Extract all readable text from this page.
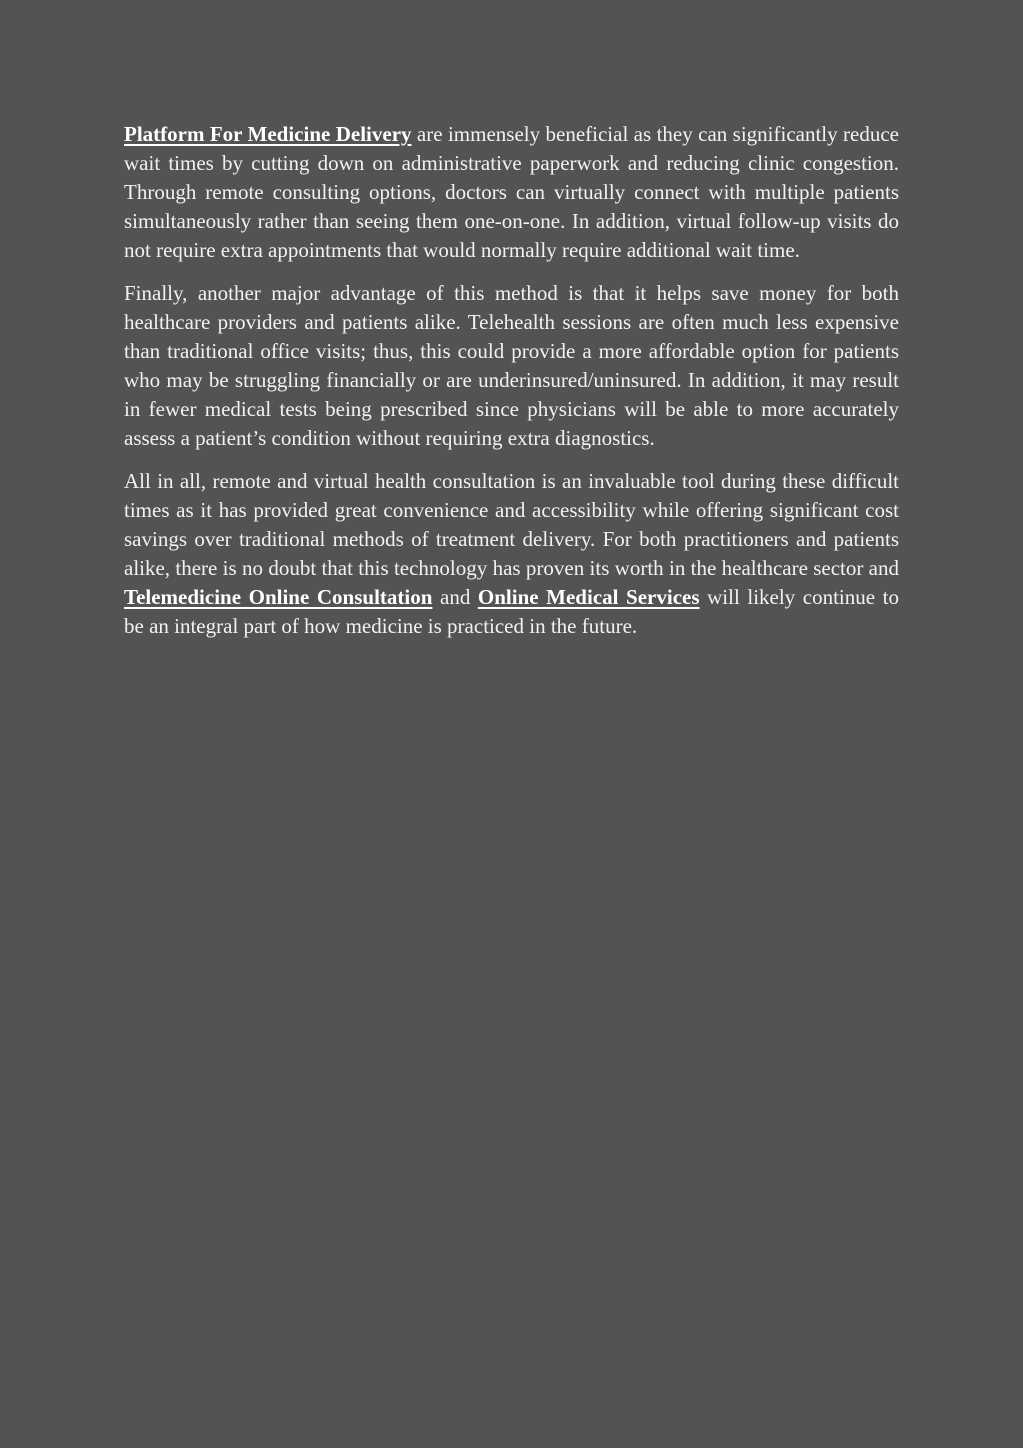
Platform For Medicine Delivery are immensely beneficial as they can significantly reduce wait times by cutting down on administrative paperwork and reducing clinic congestion. Through remote consulting options, doctors can virtually connect with multiple patients simultaneously rather than seeing them one-on-one. In addition, virtual follow-up visits do not require extra appointments that would normally require additional wait time.

Finally, another major advantage of this method is that it helps save money for both healthcare providers and patients alike. Telehealth sessions are often much less expensive than traditional office visits; thus, this could provide a more affordable option for patients who may be struggling financially or are underinsured/uninsured. In addition, it may result in fewer medical tests being prescribed since physicians will be able to more accurately assess a patient’s condition without requiring extra diagnostics.

All in all, remote and virtual health consultation is an invaluable tool during these difficult times as it has provided great convenience and accessibility while offering significant cost savings over traditional methods of treatment delivery. For both practitioners and patients alike, there is no doubt that this technology has proven its worth in the healthcare sector and Telemedicine Online Consultation and Online Medical Services will likely continue to be an integral part of how medicine is practiced in the future.
